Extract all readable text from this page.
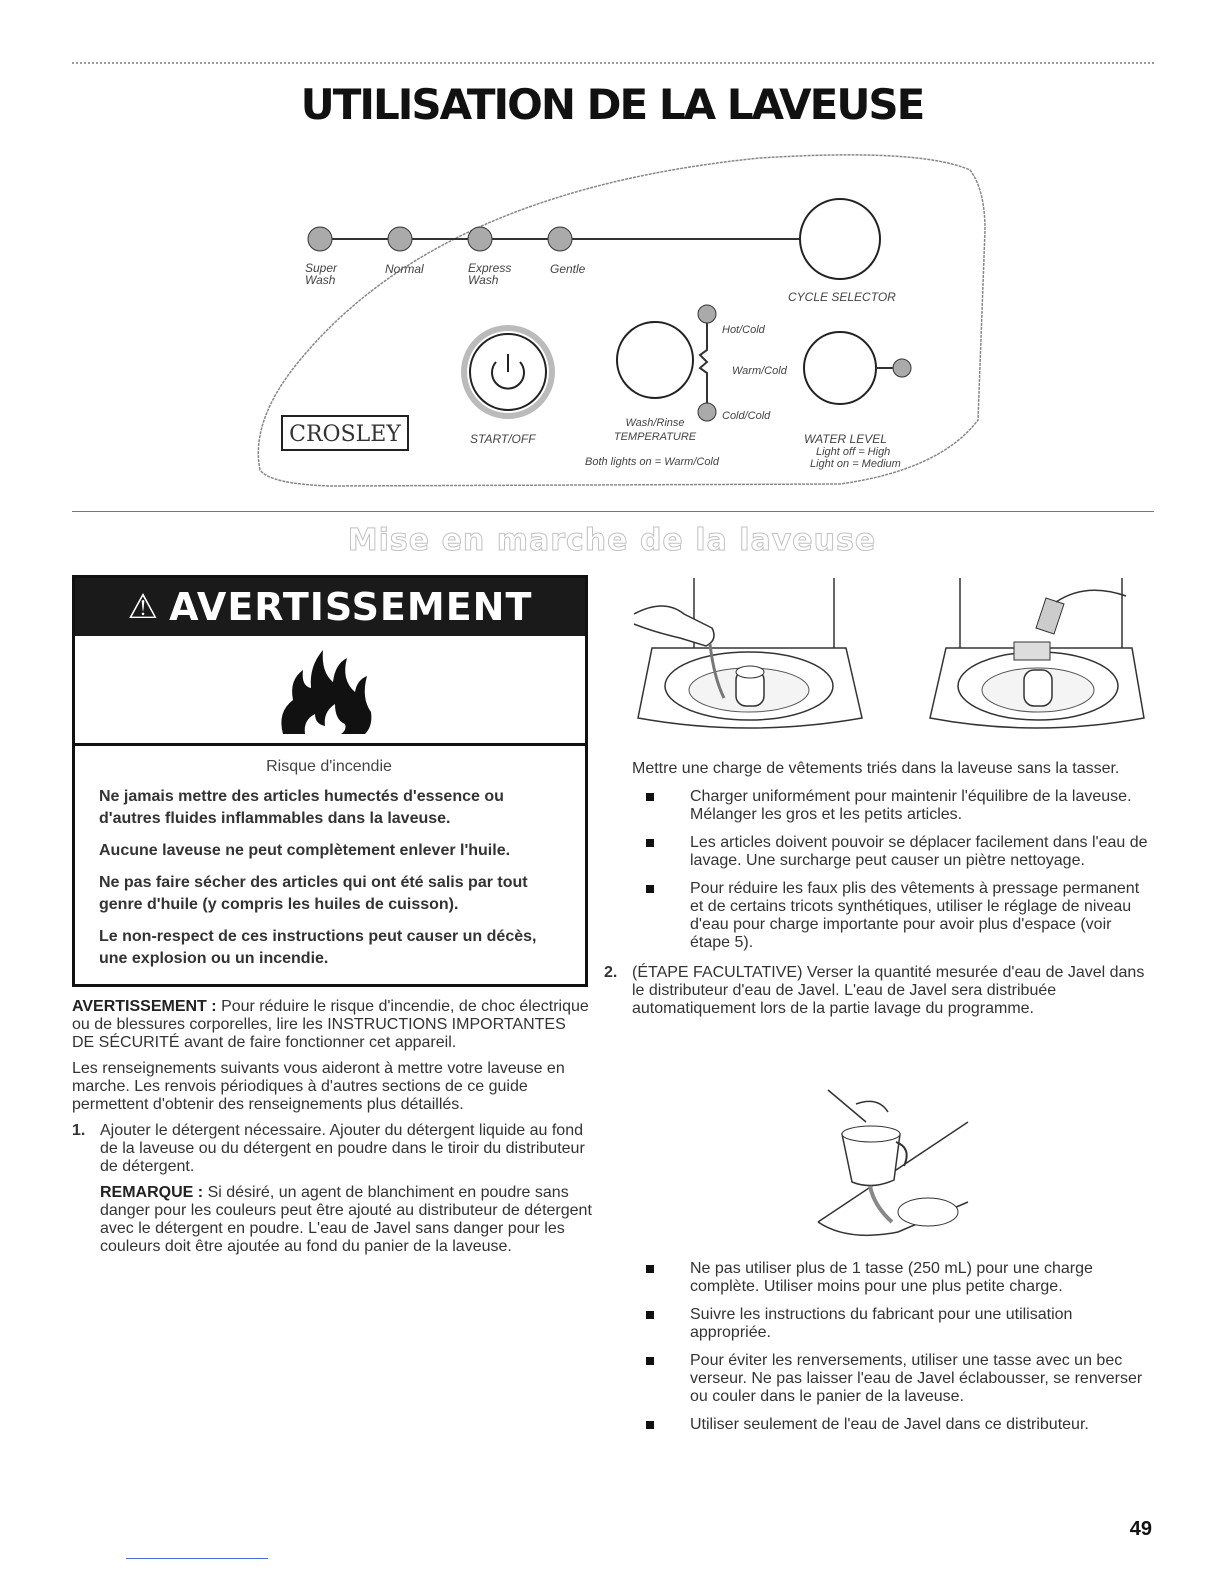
UTILISATION DE LA LAVEUSE
CROSLEY
Super Wash
Normal	Express Wash
Gentle
CYCLE SELECTOR
Hot/Cold
Warm/Cold
Cold/Cold
START/OFF
Wash/Rinse TEMPERATURE
Both lights on = Warm/Cold
WATER LEVEL
Light off = High
Light on = Medium
Mise en marche de la laveuse
⚠ AVERTISSEMENT

Risque d'incendie

Ne jamais mettre des articles humectés d'essence ou d'autres fluides inflammables dans la laveuse.

Aucune laveuse ne peut complètement enlever l'huile.

Ne pas faire sécher des articles qui ont été salis par tout genre d'huile (y compris les huiles de cuisson).

Le non-respect de ces instructions peut causer un décès, une explosion ou un incendie.

AVERTISSEMENT : Pour réduire le risque d'incendie, de choc électrique ou de blessures corporelles, lire les INSTRUCTIONS IMPORTANTES DE SÉCURITÉ avant de faire fonctionner cet appareil.

Les renseignements suivants vous aideront à mettre votre laveuse en marche. Les renvois périodiques à d'autres sections de ce guide permettent d'obtenir des renseignements plus détaillés.

1. Ajouter le détergent nécessaire. Ajouter du détergent liquide au fond de la laveuse ou du détergent en poudre dans le tiroir du distributeur de détergent.

REMARQUE : Si désiré, un agent de blanchiment en poudre sans danger pour les couleurs peut être ajouté au distributeur de détergent avec le détergent en poudre. L'eau de Javel sans danger pour les couleurs doit être ajoutée au fond du panier de la laveuse.

Mettre une charge de vêtements triés dans la laveuse sans la tasser.

Charger uniformément pour maintenir l'équilibre de la laveuse. Mélanger les gros et les petits articles.
Les articles doivent pouvoir se déplacer facilement dans l'eau de lavage. Une surcharge peut causer un piètre nettoyage.
Pour réduire les faux plis des vêtements à pressage permanent et de certains tricots synthétiques, utiliser le réglage de niveau d'eau pour charge importante pour avoir plus d'espace (voir étape 5).
2. (ÉTAPE FACULTATIVE) Verser la quantité mesurée d'eau de Javel dans le distributeur d'eau de Javel. L'eau de Javel sera distribuée automatiquement lors de la partie lavage du programme.

Ne pas utiliser plus de 1 tasse (250 mL) pour une charge complète. Utiliser moins pour une plus petite charge.
Suivre les instructions du fabricant pour une utilisation appropriée.
Pour éviter les renversements, utiliser une tasse avec un bec verseur. Ne pas laisser l'eau de Javel éclabousser, se renverser ou couler dans le panier de la laveuse.
Utiliser seulement de l'eau de Javel dans ce distributeur.
49
